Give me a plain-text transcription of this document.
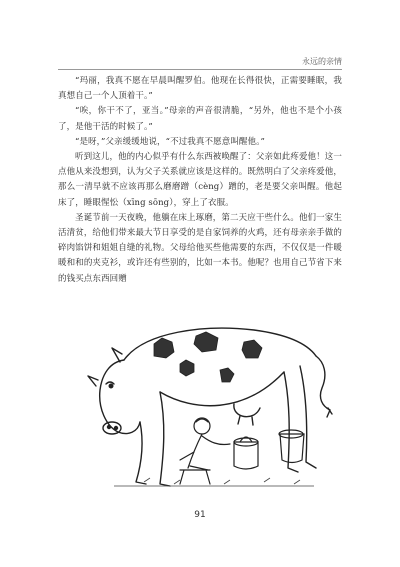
永远的亲情

“玛丽，我真不愿在早晨叫醒罗伯。他现在长得很快，正需要睡眠，我真想自己一个人顶着干。”

“唉，你干不了，亚当。”母亲的声音很清脆，“另外，他也不是个小孩了，是他干活的时候了。”

“是呀，”父亲缓缓地说，“不过我真不愿意叫醒他。”

听到这儿，他的内心似乎有什么东西被唤醒了：父亲如此疼爱他！这一点他从来没想到，认为父子关系就应该是这样的。既然明白了父亲疼爱他，那么一清早就不应该再那么磨磨蹭（cèng）蹭的，老是要父亲叫醒。他起床了，睡眼惺忪（xīng sōng），穿上了衣服。

圣诞节前一天夜晚，他躺在床上琢磨，第二天应干些什么。他们一家生活清贫，给他们带来最大节日享受的是自家饲养的火鸡，还有母亲亲手做的碎肉馅饼和姐姐自缝的礼物。父母给他买些他需要的东西，不仅仅是一件暖暖和和的夹克衫，或许还有些别的，比如一本书。他呢？也用自己节省下来的钱买点东西回赠

91
